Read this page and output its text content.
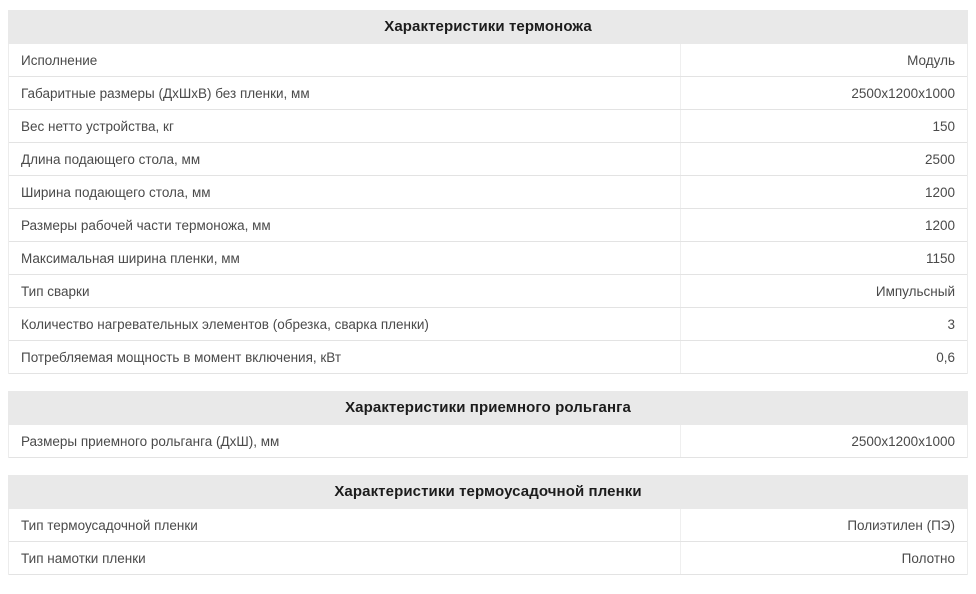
Характеристики термоножа
Исполнение	Модуль
Габаритные размеры (ДхШхВ) без пленки, мм	2500x1200x1000
Вес нетто устройства, кг	150
Длина подающего стола, мм	2500
Ширина подающего стола, мм	1200
Размеры рабочей части термоножа, мм	1200
Максимальная ширина пленки, мм	1150
Тип сварки	Импульсный
Количество нагревательных элементов (обрезка, сварка пленки)	3
Потребляемая мощность в момент включения, кВт	0,6
Характеристики приемного рольганга
Размеры приемного рольганга (ДхШ), мм	2500x1200x1000
Характеристики термоусадочной пленки
Тип термоусадочной пленки	Полиэтилен (ПЭ)
Тип намотки пленки	Полотно
